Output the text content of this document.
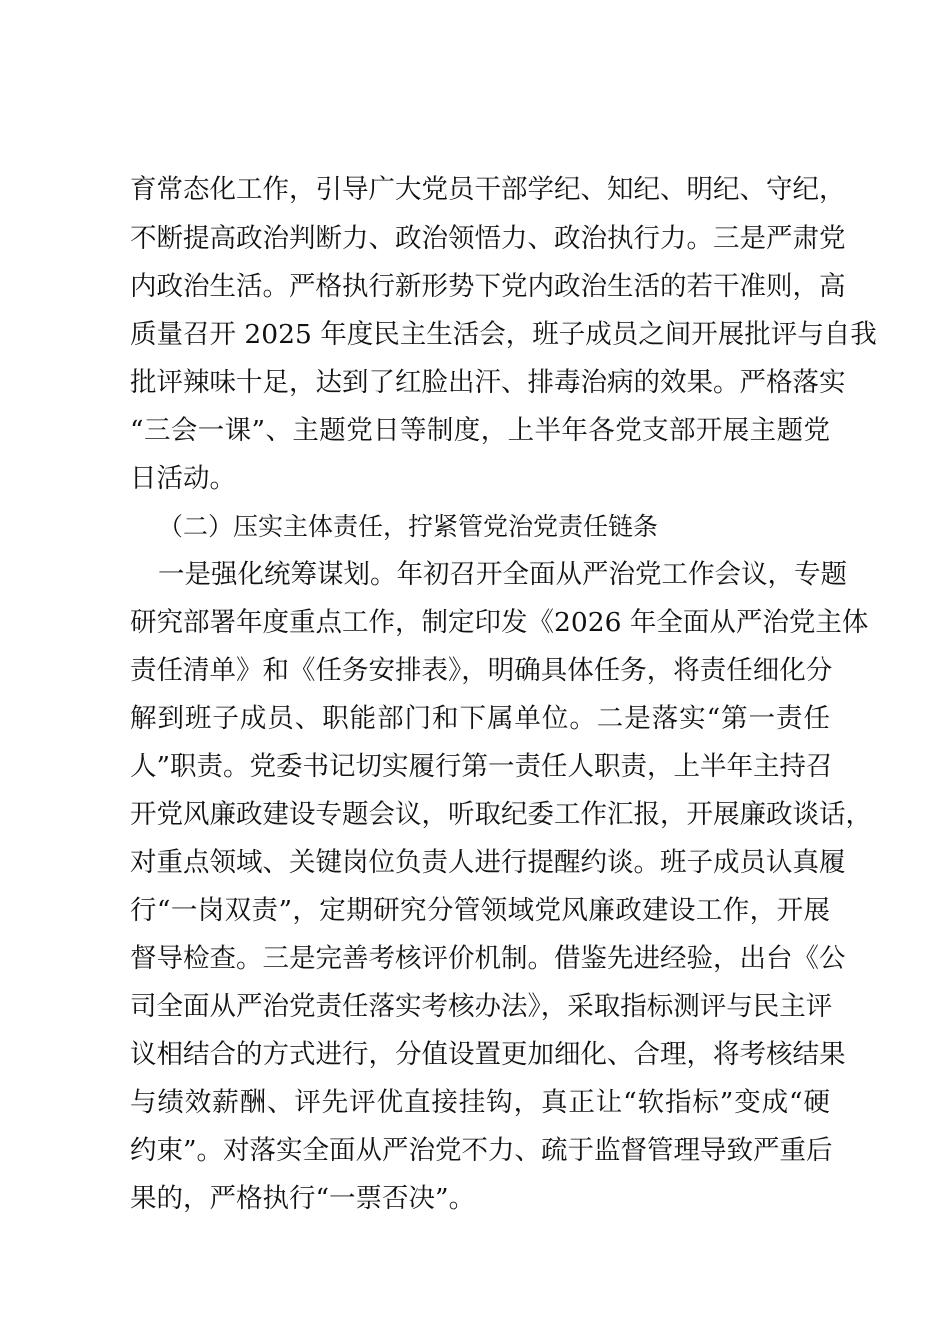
育常态化工作，引导广大党员干部学纪、知纪、明纪、守纪，
不断提高政治判断力、政治领悟力、政治执行力。三是严肃党
内政治生活。严格执行新形势下党内政治生活的若干准则，高
质量召开 2025 年度民主生活会，班子成员之间开展批评与自我
批评辣味十足，达到了红脸出汗、排毒治病的效果。严格落实
“三会一课”、主题党日等制度，上半年各党支部开展主题党
日活动。
（二）压实主体责任，拧紧管党治党责任链条
一是强化统筹谋划。年初召开全面从严治党工作会议，专题
研究部署年度重点工作，制定印发《2026 年全面从严治党主体
责任清单》和《任务安排表》，明确具体任务，将责任细化分
解到班子成员、职能部门和下属单位。二是落实“第一责任
人”职责。党委书记切实履行第一责任人职责，上半年主持召
开党风廉政建设专题会议，听取纪委工作汇报，开展廉政谈话，
对重点领域、关键岗位负责人进行提醒约谈。班子成员认真履
行“一岗双责”，定期研究分管领域党风廉政建设工作，开展
督导检查。三是完善考核评价机制。借鉴先进经验，出台《公
司全面从严治党责任落实考核办法》，采取指标测评与民主评
议相结合的方式进行，分值设置更加细化、合理，将考核结果
与绩效薪酬、评先评优直接挂钩，真正让“软指标”变成“硬
约束”。对落实全面从严治党不力、疏于监督管理导致严重后
果的，严格执行“一票否决”。
